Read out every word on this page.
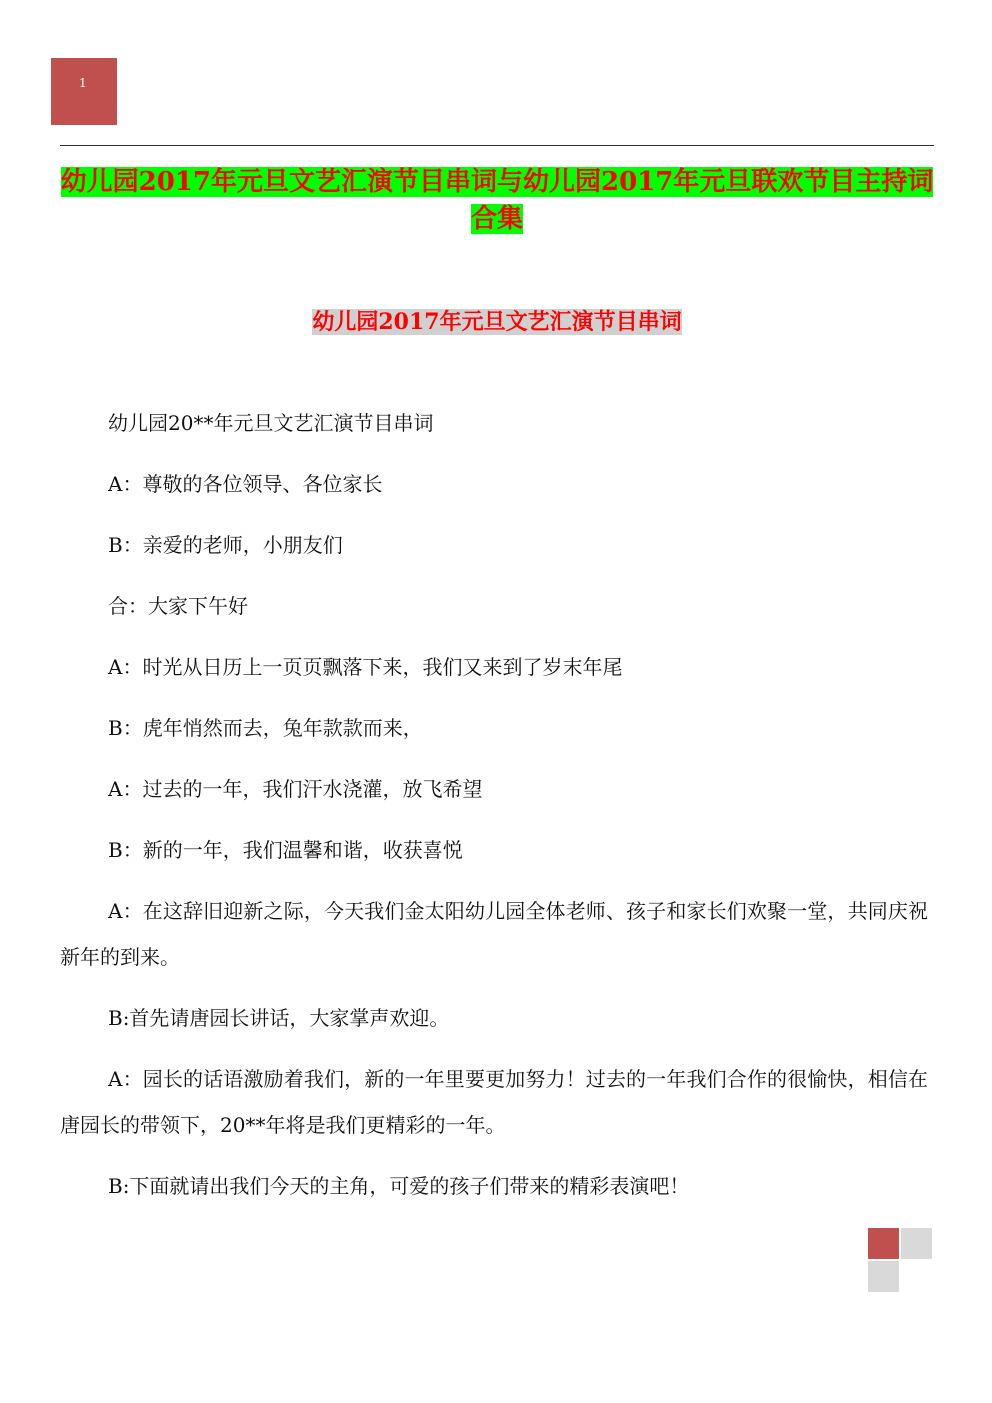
1
幼儿园2017年元旦文艺汇演节目串词与幼儿园2017年元旦联欢节目主持词合集
幼儿园2017年元旦文艺汇演节目串词

幼儿园20**年元旦文艺汇演节目串词

A：尊敬的各位领导、各位家长

B：亲爱的老师，小朋友们

合：大家下午好

A：时光从日历上一页页飘落下来，我们又来到了岁末年尾

B：虎年悄然而去，兔年款款而来，

A：过去的一年，我们汗水浇灌，放飞希望

B：新的一年，我们温馨和谐，收获喜悦

A：在这辞旧迎新之际，今天我们金太阳幼儿园全体老师、孩子和家长们欢聚一堂，共同庆祝新年的到来。

B:首先请唐园长讲话，大家掌声欢迎。

A：园长的话语激励着我们，新的一年里要更加努力！过去的一年我们合作的很愉快，相信在唐园长的带领下，20**年将是我们更精彩的一年。

B:下面就请出我们今天的主角，可爱的孩子们带来的精彩表演吧！
